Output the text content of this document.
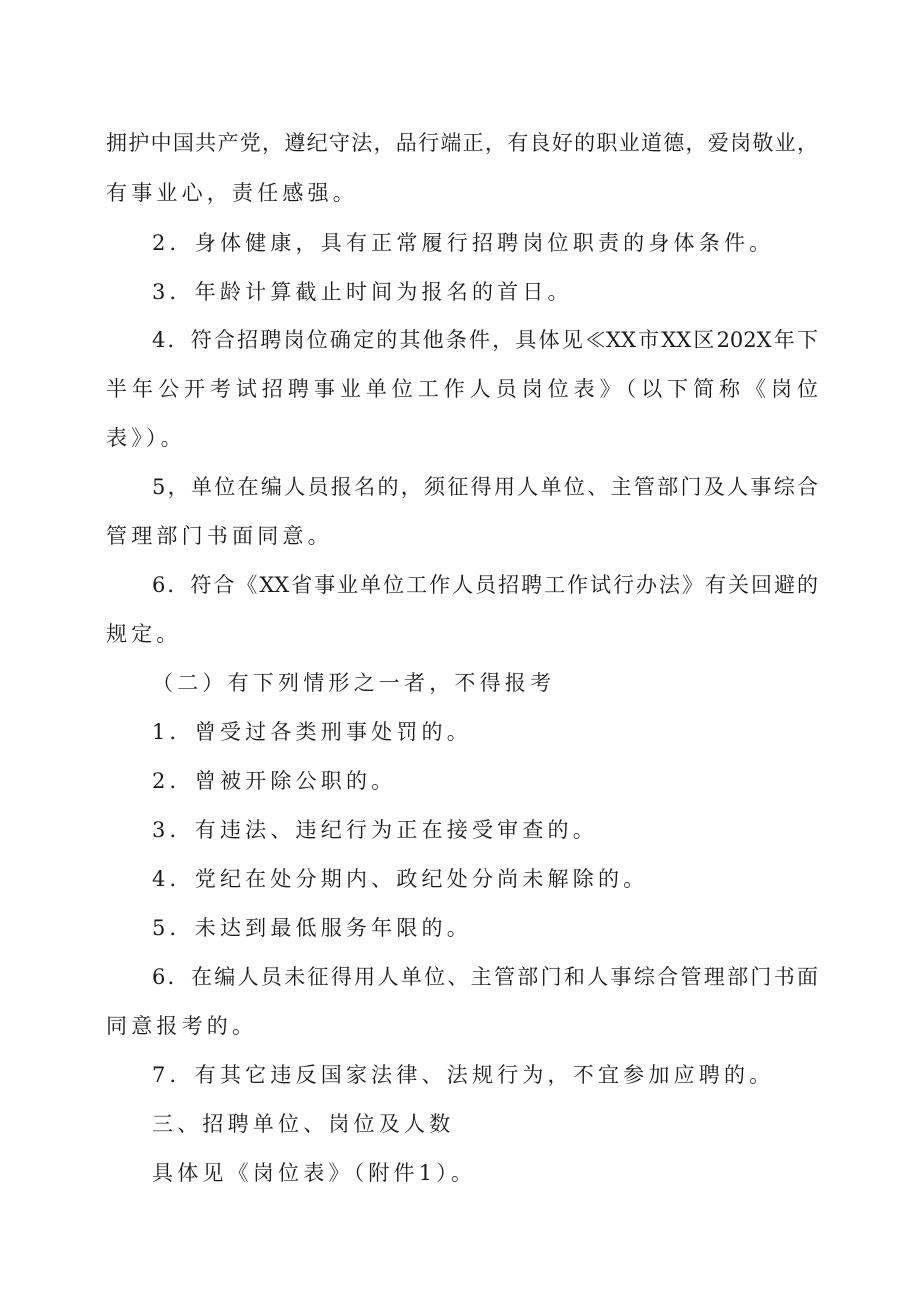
拥护中国共产党，遵纪守法，品行端正，有良好的职业道德，爱岗敬业，
有事业心，责任感强。
2．身体健康，具有正常履行招聘岗位职责的身体条件。
3．年龄计算截止时间为报名的首日。
4．符合招聘岗位确定的其他条件，具体见≪XX市XX区202X年下
半年公开考试招聘事业单位工作人员岗位表》（以下简称《岗位
表》）。
5，单位在编人员报名的，须征得用人单位、主管部门及人事综合
管理部门书面同意。
6．符合《XX省事业单位工作人员招聘工作试行办法》有关回避的
规定。
（二）有下列情形之一者，不得报考
1．曾受过各类刑事处罚的。
2．曾被开除公职的。
3．有违法、违纪行为正在接受审查的。
4．党纪在处分期内、政纪处分尚未解除的。
5．未达到最低服务年限的。
6．在编人员未征得用人单位、主管部门和人事综合管理部门书面
同意报考的。
7．有其它违反国家法律、法规行为，不宜参加应聘的。
三、招聘单位、岗位及人数
具体见《岗位表》（附件1）。
